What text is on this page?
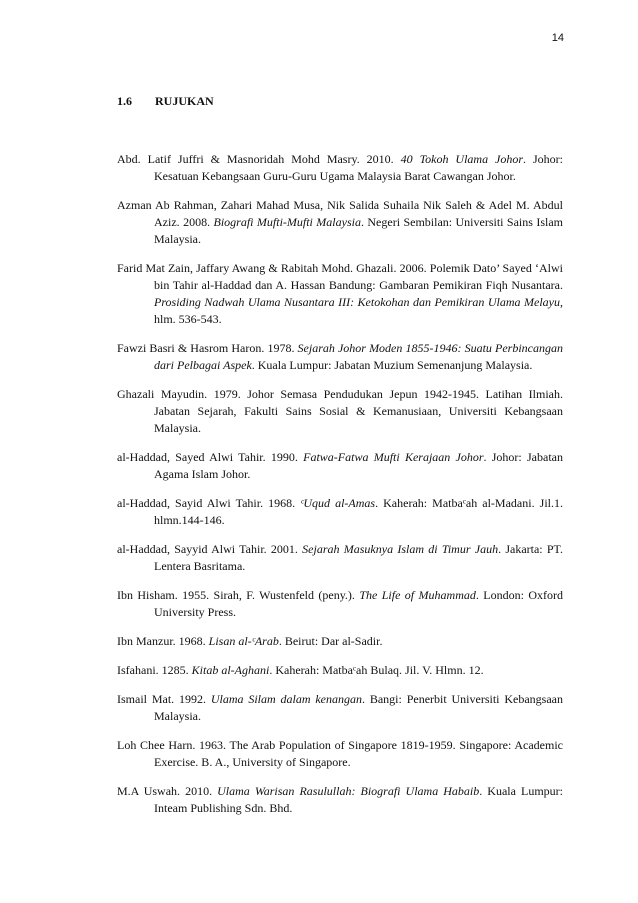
14
1.6	RUJUKAN

Abd. Latif Juffri & Masnoridah Mohd Masry. 2010. 40 Tokoh Ulama Johor. Johor: Kesatuan Kebangsaan Guru-Guru Ugama Malaysia Barat Cawangan Johor.

Azman Ab Rahman, Zahari Mahad Musa, Nik Salida Suhaila Nik Saleh & Adel M. Abdul Aziz. 2008. Biografi Mufti-Mufti Malaysia. Negeri Sembilan: Universiti Sains Islam Malaysia.

Farid Mat Zain, Jaffary Awang & Rabitah Mohd. Ghazali. 2006. Polemik Dato’ Sayed ‘Alwi bin Tahir al-Haddad dan A. Hassan Bandung: Gambaran Pemikiran Fiqh Nusantara. Prosiding Nadwah Ulama Nusantara III: Ketokohan dan Pemikiran Ulama Melayu, hlm. 536-543.

Fawzi Basri & Hasrom Haron. 1978. Sejarah Johor Moden 1855-1946: Suatu Perbincangan dari Pelbagai Aspek. Kuala Lumpur: Jabatan Muzium Semenanjung Malaysia.

Ghazali Mayudin. 1979. Johor Semasa Pendudukan Jepun 1942-1945. Latihan Ilmiah. Jabatan Sejarah, Fakulti Sains Sosial & Kemanusiaan, Universiti Kebangsaan Malaysia.

al-Haddad, Sayed Alwi Tahir. 1990. Fatwa-Fatwa Mufti Kerajaan Johor. Johor: Jabatan Agama Islam Johor.

al-Haddad, Sayid Alwi Tahir. 1968. ᶜUqud al-Amas. Kaherah: Matbaᶜah al-Madani. Jil.1. hlmn.144-146.

al-Haddad, Sayyid Alwi Tahir. 2001. Sejarah Masuknya Islam di Timur Jauh. Jakarta: PT. Lentera Basritama.

Ibn Hisham. 1955. Sirah, F. Wustenfeld (peny.). The Life of Muhammad. London: Oxford University Press.

Ibn Manzur. 1968. Lisan al-ᶜArab. Beirut: Dar al-Sadir.

Isfahani. 1285. Kitab al-Aghani. Kaherah: Matbaᶜah Bulaq. Jil. V. Hlmn. 12.

Ismail Mat. 1992. Ulama Silam dalam kenangan. Bangi: Penerbit Universiti Kebangsaan Malaysia.

Loh Chee Harn. 1963. The Arab Population of Singapore 1819-1959. Singapore: Academic Exercise. B. A., University of Singapore.

M.A Uswah. 2010. Ulama Warisan Rasulullah: Biografi Ulama Habaib. Kuala Lumpur: Inteam Publishing Sdn. Bhd.
